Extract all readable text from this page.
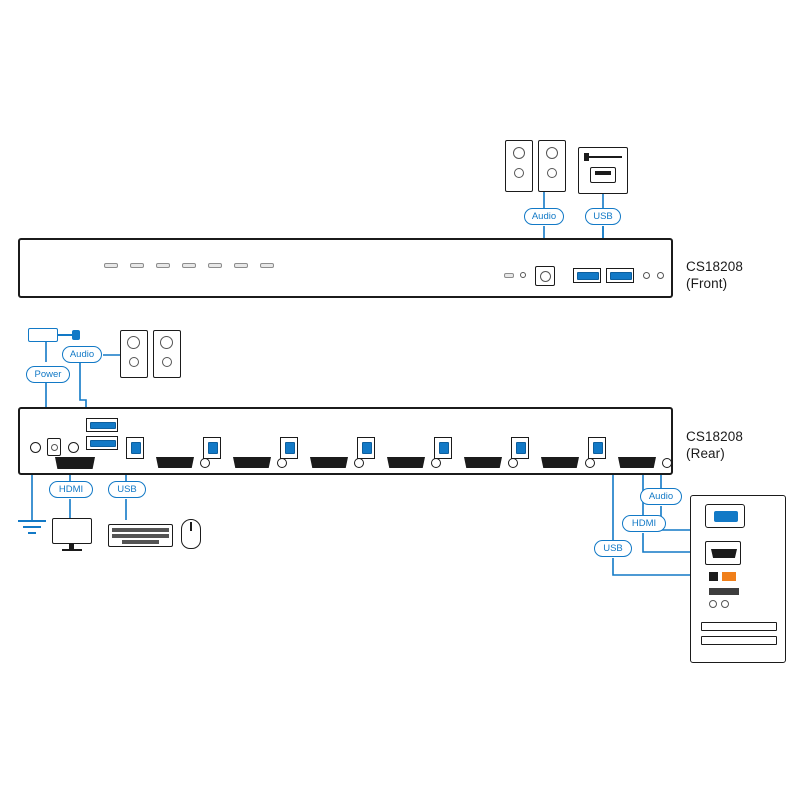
Audio	USB
CS18208
(Front)
Audio
Power
CS18208
(Rear)
HDMI	USB
Audio
HDMI
USB
